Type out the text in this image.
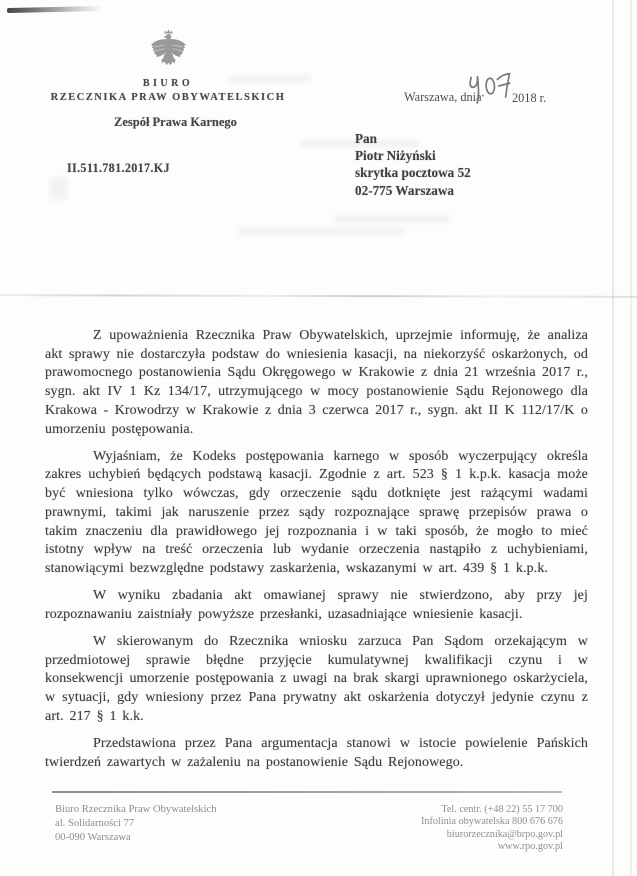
BIURO
RZECZNIKA PRAW OBYWATELSKICH	Warszawa, dnia 2018 r.
Zespół Prawa Karnego
II.511.781.2017.KJ
Pan
Piotr Niżyński
skrytka pocztowa 52
02-775 Warszawa

Z upoważnienia Rzecznika Praw Obywatelskich, uprzejmie informuję, że analiza akt sprawy nie dostarczyła podstaw do wniesienia kasacji, na niekorzyść oskarżonych, od prawomocnego postanowienia Sądu Okręgowego w Krakowie z dnia 21 września 2017 r., sygn. akt IV 1 Kz 134/17, utrzymującego w mocy postanowienie Sądu Rejonowego dla Krakowa - Krowodrzy w Krakowie z dnia 3 czerwca 2017 r., sygn. akt II K 112/17/K o umorzeniu postępowania.

Wyjaśniam, że Kodeks postępowania karnego w sposób wyczerpujący określa zakres uchybień będących podstawą kasacji. Zgodnie z art. 523 § 1 k.p.k. kasacja może być wniesiona tylko wówczas, gdy orzeczenie sądu dotknięte jest rażącymi wadami prawnymi, takimi jak naruszenie przez sądy rozpoznające sprawę przepisów prawa o takim znaczeniu dla prawidłowego jej rozpoznania i w taki sposób, że mogło to mieć istotny wpływ na treść orzeczenia lub wydanie orzeczenia nastąpiło z uchybieniami, stanowiącymi bezwzględne podstawy zaskarżenia, wskazanymi w art. 439 § 1 k.p.k.

W wyniku zbadania akt omawianej sprawy nie stwierdzono, aby przy jej rozpoznawaniu zaistniały powyższe przesłanki, uzasadniające wniesienie kasacji.

W skierowanym do Rzecznika wniosku zarzuca Pan Sądom orzekającym w przedmiotowej sprawie błędne przyjęcie kumulatywnej kwalifikacji czynu i w konsekwencji umorzenie postępowania z uwagi na brak skargi uprawnionego oskarżyciela, w sytuacji, gdy wniesiony przez Pana prywatny akt oskarżenia dotyczył jedynie czynu z art. 217 § 1 k.k.

Przedstawiona przez Pana argumentacja stanowi w istocie powielenie Pańskich twierdzeń zawartych w zażaleniu na postanowienie Sądu Rejonowego.

Biuro Rzecznika Praw Obywatelskich
al. Solidarności 77
00-090 Warszawa
Tel. centr. (+48 22) 55 17 700
Infolinia obywatelska 800 676 676
biurorzecznika@brpo.gov.pl
www.rpo.gov.pl
